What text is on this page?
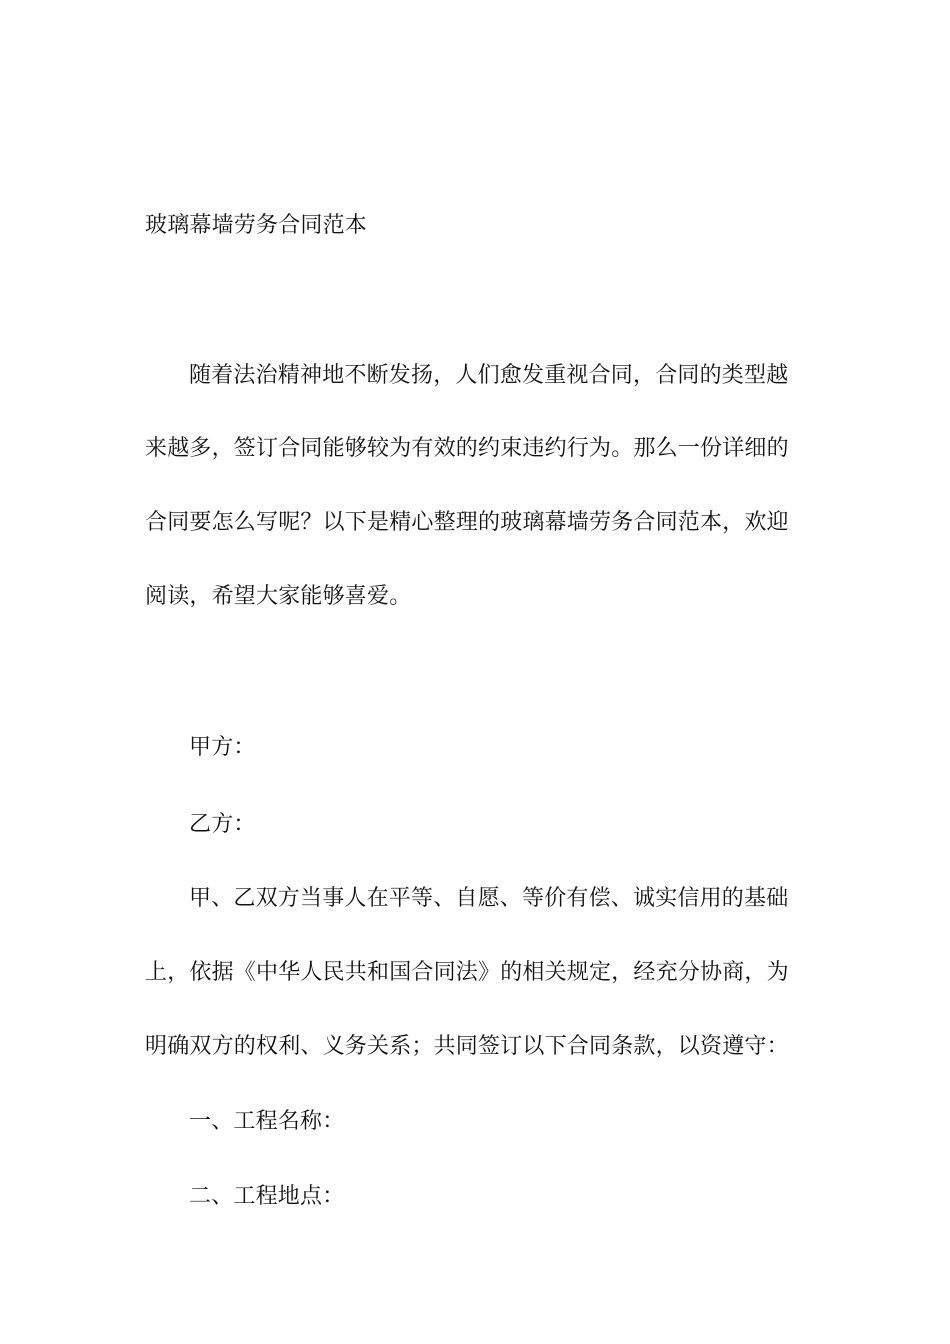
玻璃幕墙劳务合同范本
随着法治精神地不断发扬，人们愈发重视合同，合同的类型越
来越多，签订合同能够较为有效的约束违约行为。那么一份详细的
合同要怎么写呢？以下是精心整理的玻璃幕墙劳务合同范本，欢迎
阅读，希望大家能够喜爱。
甲方：
乙方：
甲、乙双方当事人在平等、自愿、等价有偿、诚实信用的基础
上，依据《中华人民共和国合同法》的相关规定，经充分协商，为
明确双方的权利、义务关系；共同签订以下合同条款，以资遵守：
一、工程名称：
二、工程地点：
